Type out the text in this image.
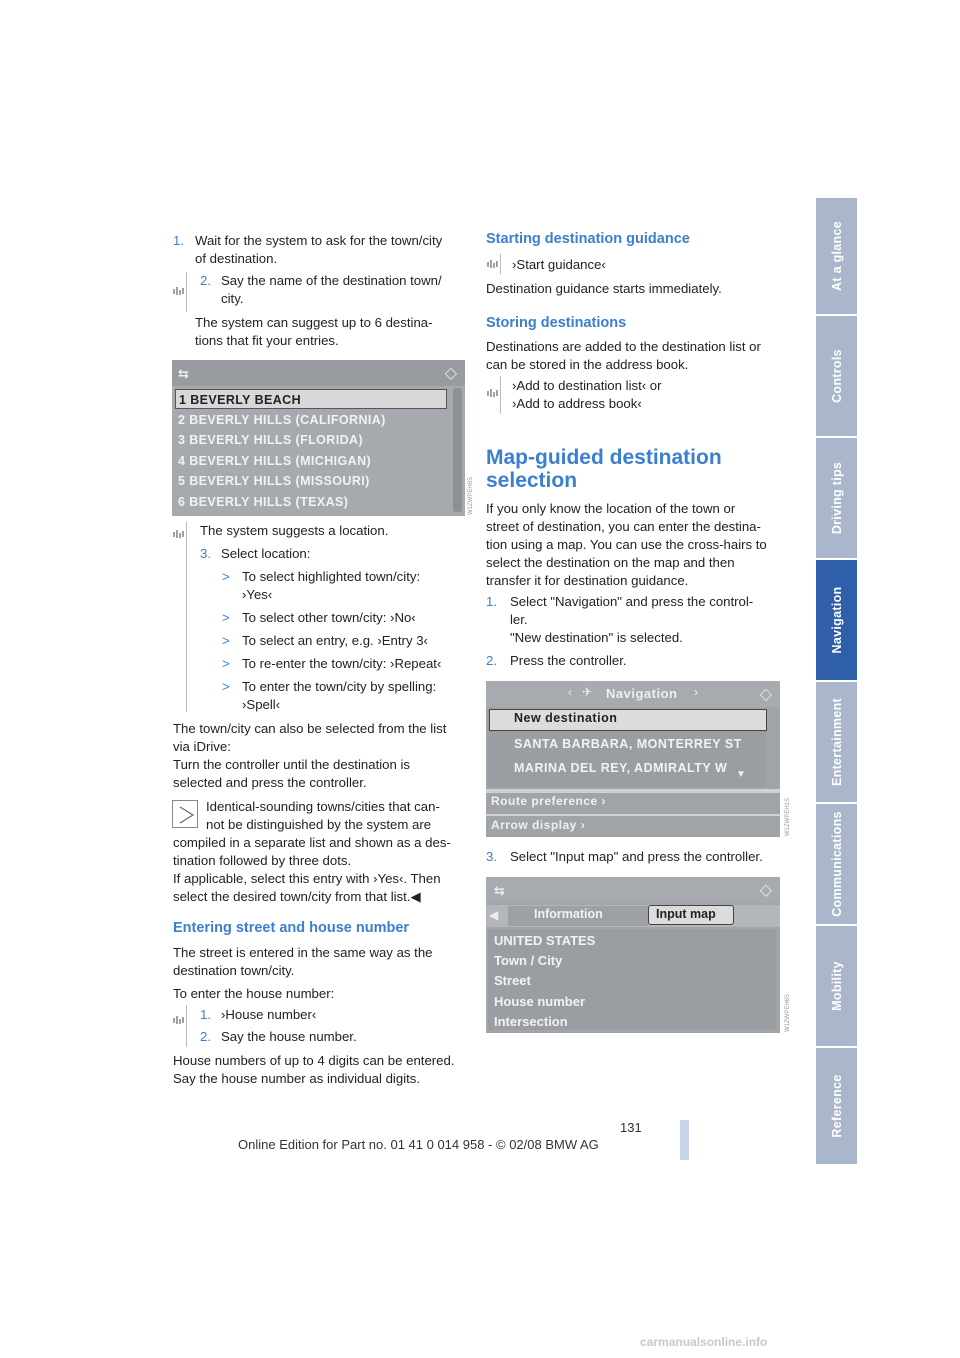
At a glance
Controls
Driving tips
Navigation
Entertainment
Communications
Mobility
Reference
1. Wait for the system to ask for the town/city
of destination.
2. Say the name of the destination town/
city.
The system can suggest up to 6 destina-
tions that fit your entries.
⇆	◇
1 BEVERLY BEACH
2 BEVERLY HILLS (CALIFORNIA)
3 BEVERLY HILLS (FLORIDA)
4 BEVERLY HILLS (MICHIGAN)
5 BEVERLY HILLS (MISSOURI)
6 BEVERLY HILLS (TEXAS)	W1ZWPEH5S
The system suggests a location.
3. Select location:
> To select highlighted town/city:
›Yes‹
> To select other town/city: ›No‹
> To select an entry, e.g. ›Entry 3‹
> To re-enter the town/city: ›Repeat‹
> To enter the town/city by spelling:
›Spell‹
The town/city can also be selected from the list
via iDrive:
Turn the controller until the destination is
selected and press the controller.
Identical-sounding towns/cities that can-
not be distinguished by the system are
compiled in a separate list and shown as a des-
tination followed by three dots.
If applicable, select this entry with ›Yes‹. Then
select the desired town/city from that list.◀
Entering street and house number
The street is entered in the same way as the
destination town/city.
To enter the house number:
1. ›House number‹
2. Say the house number.
House numbers of up to 4 digits can be entered.
Say the house number as individual digits.
Starting destination guidance
›Start guidance‹
Destination guidance starts immediately.
Storing destinations
Destinations are added to the destination list or
can be stored in the address book.
›Add to destination list‹ or
›Add to address book‹
Map-guided destination
selection
If you only know the location of the town or
street of destination, you can enter the destina-
tion using a map. You can use the cross-hairs to
select the destination on the map and then
transfer it for destination guidance.
1. Select "Navigation" and press the control-
ler.
"New destination" is selected.
2. Press the controller.
‹ ✈ Navigation ›	◇
New destination
SANTA BARBARA, MONTERREY ST
MARINA DEL REY, ADMIRALTY W ▼
Route preference ›
Arrow display ›	W1ZWPEH1S
3. Select "Input map" and press the controller.
⇆	◇
◀	Information	Input map
UNITED STATES
Town / City
Street
House number
Intersection	W1ZWPEH6S
131
Online Edition for Part no. 01 41 0 014 958 - © 02/08 BMW AG
carmanualsonline.info
